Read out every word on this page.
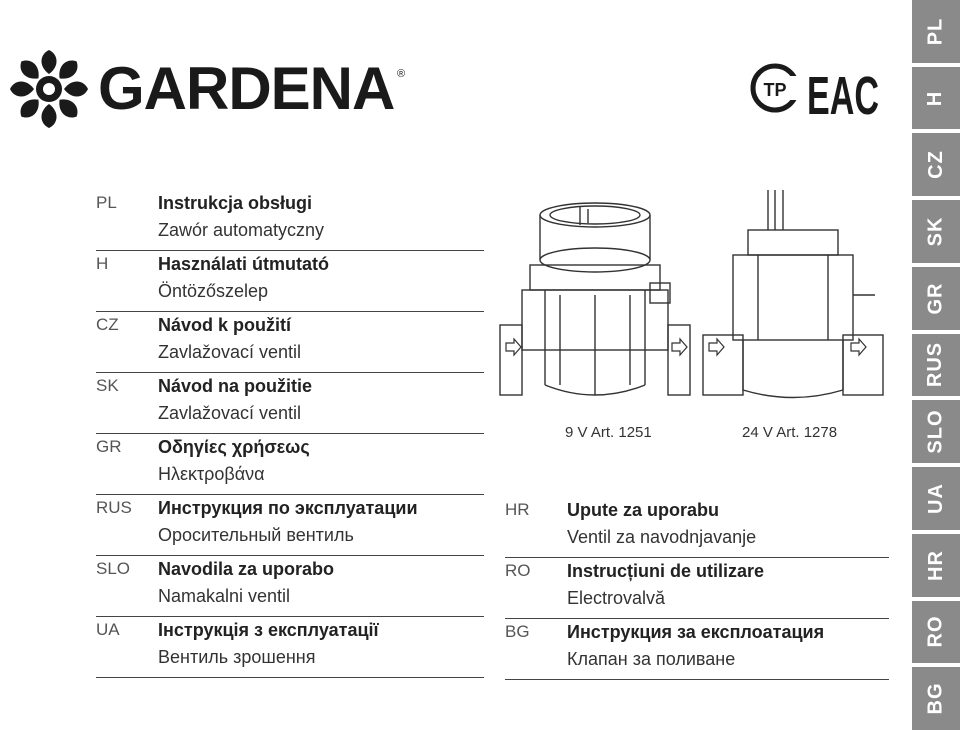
GARDENA ®
TP EAC
PL Instrukcja obsługi
Zawór automatyczny
H	Használati útmutató
Öntözőszelep
CZ Návod k použití
Zavlažovací ventil
SK Návod na použitie
Zavlažovací ventil
GR Οδηγίες χρήσεως
Ηλεκτροβάνα
RUS Инструкция по эксплуатации
Оросительный вентиль
SLO Navodila za uporabo
Namakalni ventil
UA Інструкція з експлуатації
Вентиль зрошення
HR Upute za uporabu
Ventil za navodnjavanje
RO Instrucțiuni de utilizare
Electrovalvă
BG Инструкция за експлоатация
Клапан за поливане
9 V Art. 1251	24 V Art. 1278
PL
H
CZ
SK
GR
RUS
SLO
UA
HR
RO
BG
